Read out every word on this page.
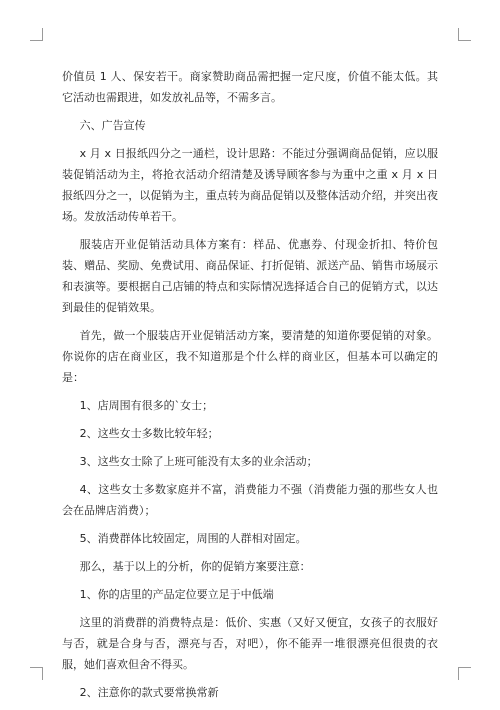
价值员 1 人、保安若干。商家赞助商品需把握一定尺度，价值不能太低。其它活动也需跟进，如发放礼品等，不需多言。

六、广告宣传

x 月 x 日报纸四分之一通栏，设计思路：不能过分强调商品促销，应以服装促销活动为主，将抢衣活动介绍清楚及诱导顾客参与为重中之重 x 月 x 日报纸四分之一，以促销为主，重点转为商品促销以及整体活动介绍，并突出夜场。发放活动传单若干。

服装店开业促销活动具体方案有：样品、优惠券、付现金折扣、特价包装、赠品、奖励、免费试用、商品保证、打折促销、派送产品、销售市场展示和表演等。要根据自己店铺的特点和实际情况选择适合自己的促销方式，以达到最佳的促销效果。

首先，做一个服装店开业促销活动方案，要清楚的知道你要促销的对象。你说你的店在商业区，我不知道那是个什么样的商业区，但基本可以确定的是：

1、店周围有很多的`女士；

2、这些女士多数比较年轻；

3、这些女士除了上班可能没有太多的业余活动；

4、这些女士多数家庭并不富，消费能力不强（消费能力强的那些女人也会在品牌店消费）；

5、消费群体比较固定，周围的人群相对固定。

那么，基于以上的分析，你的促销方案要注意：

1、你的店里的产品定位要立足于中低端

这里的消费群的消费特点是：低价、实惠（又好又便宜，女孩子的衣服好与否，就是合身与否，漂亮与否，对吧），你不能弄一堆很漂亮但很贵的衣服，她们喜欢但舍不得买。

2、注意你的款式要常换常新
